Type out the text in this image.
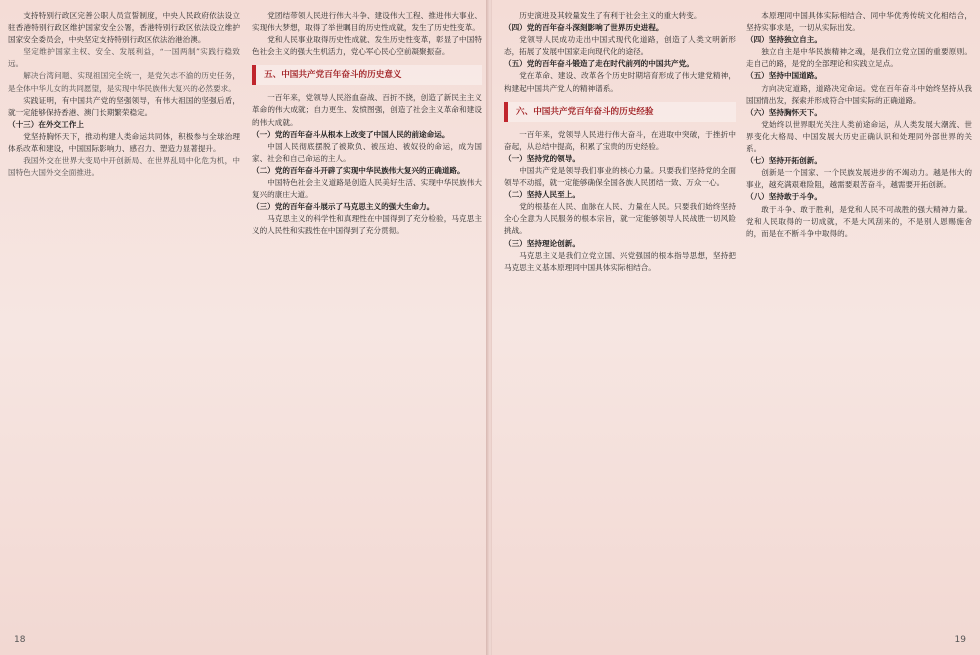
支持特别行政区完善公职人员宣誓制度，中央人民政府依法设立驻香港特别行政区维护国家安全公署，香港特别行政区依法设立维护国家安全委员会，中央坚定支持特别行政区依法治港治澳。

坚定维护国家主权、安全、发展利益，“一国两制”实践行稳致远。

解决台湾问题、实现祖国完全统一，是党矢志不渝的历史任务，是全体中华儿女的共同愿望，是实现中华民族伟大复兴的必然要求。

实践证明，有中国共产党的坚强领导，有伟大祖国的坚强后盾，就一定能够保持香港、澳门长期繁荣稳定。

（十三）在外交工作上

党坚持胸怀天下，推动构建人类命运共同体，积极参与全球治理体系改革和建设，中国国际影响力、感召力、塑造力显著提升。

我国外交在世界大变局中开创新局、在世界乱局中化危为机，中国特色大国外交全面推进。

党团结带领人民进行伟大斗争、建设伟大工程、推进伟大事业、实现伟大梦想，取得了举世瞩目的历史性成就，发生了历史性变革。

党和人民事业取得历史性成就、发生历史性变革，彰显了中国特色社会主义的强大生机活力，党心军心民心空前凝聚振奋。

五、中国共产党百年奋斗的历史意义

一百年来，党领导人民浴血奋战、百折不挠，创造了新民主主义革命的伟大成就；自力更生、发愤图强，创造了社会主义革命和建设的伟大成就。

（一）党的百年奋斗从根本上改变了中国人民的前途命运。

中国人民彻底摆脱了被欺负、被压迫、被奴役的命运，成为国家、社会和自己命运的主人。

（二）党的百年奋斗开辟了实现中华民族伟大复兴的正确道路。

中国特色社会主义道路是创造人民美好生活、实现中华民族伟大复兴的康庄大道。

（三）党的百年奋斗展示了马克思主义的强大生命力。

马克思主义的科学性和真理性在中国得到了充分检验，马克思主义的人民性和实践性在中国得到了充分贯彻。

18

历史演进及其较量发生了有利于社会主义的重大转变。

（四）党的百年奋斗深刻影响了世界历史进程。

党领导人民成功走出中国式现代化道路，创造了人类文明新形态，拓展了发展中国家走向现代化的途径。

（五）党的百年奋斗锻造了走在时代前列的中国共产党。

党在革命、建设、改革各个历史时期培育形成了伟大建党精神，构建起中国共产党人的精神谱系。

六、中国共产党百年奋斗的历史经验

一百年来，党领导人民进行伟大奋斗，在进取中突破，于挫折中奋起，从总结中提高，积累了宝贵的历史经验。

（一）坚持党的领导。

中国共产党是领导我们事业的核心力量。只要我们坚持党的全面领导不动摇，就一定能够确保全国各族人民团结一致、万众一心。

（二）坚持人民至上。

党的根基在人民、血脉在人民、力量在人民。只要我们始终坚持全心全意为人民服务的根本宗旨，就一定能够领导人民战胜一切风险挑战。

（三）坚持理论创新。

马克思主义是我们立党立国、兴党强国的根本指导思想，坚持把马克思主义基本原理同中国具体实际相结合。

本原理同中国具体实际相结合、同中华优秀传统文化相结合，坚持实事求是，一切从实际出发。

（四）坚持独立自主。

独立自主是中华民族精神之魂，是我们立党立国的重要原则。走自己的路，是党的全部理论和实践立足点。

（五）坚持中国道路。

方向决定道路，道路决定命运。党在百年奋斗中始终坚持从我国国情出发，探索并形成符合中国实际的正确道路。

（六）坚持胸怀天下。

党始终以世界眼光关注人类前途命运，从人类发展大潮流、世界变化大格局、中国发展大历史正确认识和处理同外部世界的关系。

（七）坚持开拓创新。

创新是一个国家、一个民族发展进步的不竭动力。越是伟大的事业，越充满艰难险阻，越需要艰苦奋斗，越需要开拓创新。

（八）坚持敢于斗争。

敢于斗争、敢于胜利，是党和人民不可战胜的强大精神力量。党和人民取得的一切成就，不是大风刮来的，不是别人恩赐施舍的，而是在不断斗争中取得的。

19
